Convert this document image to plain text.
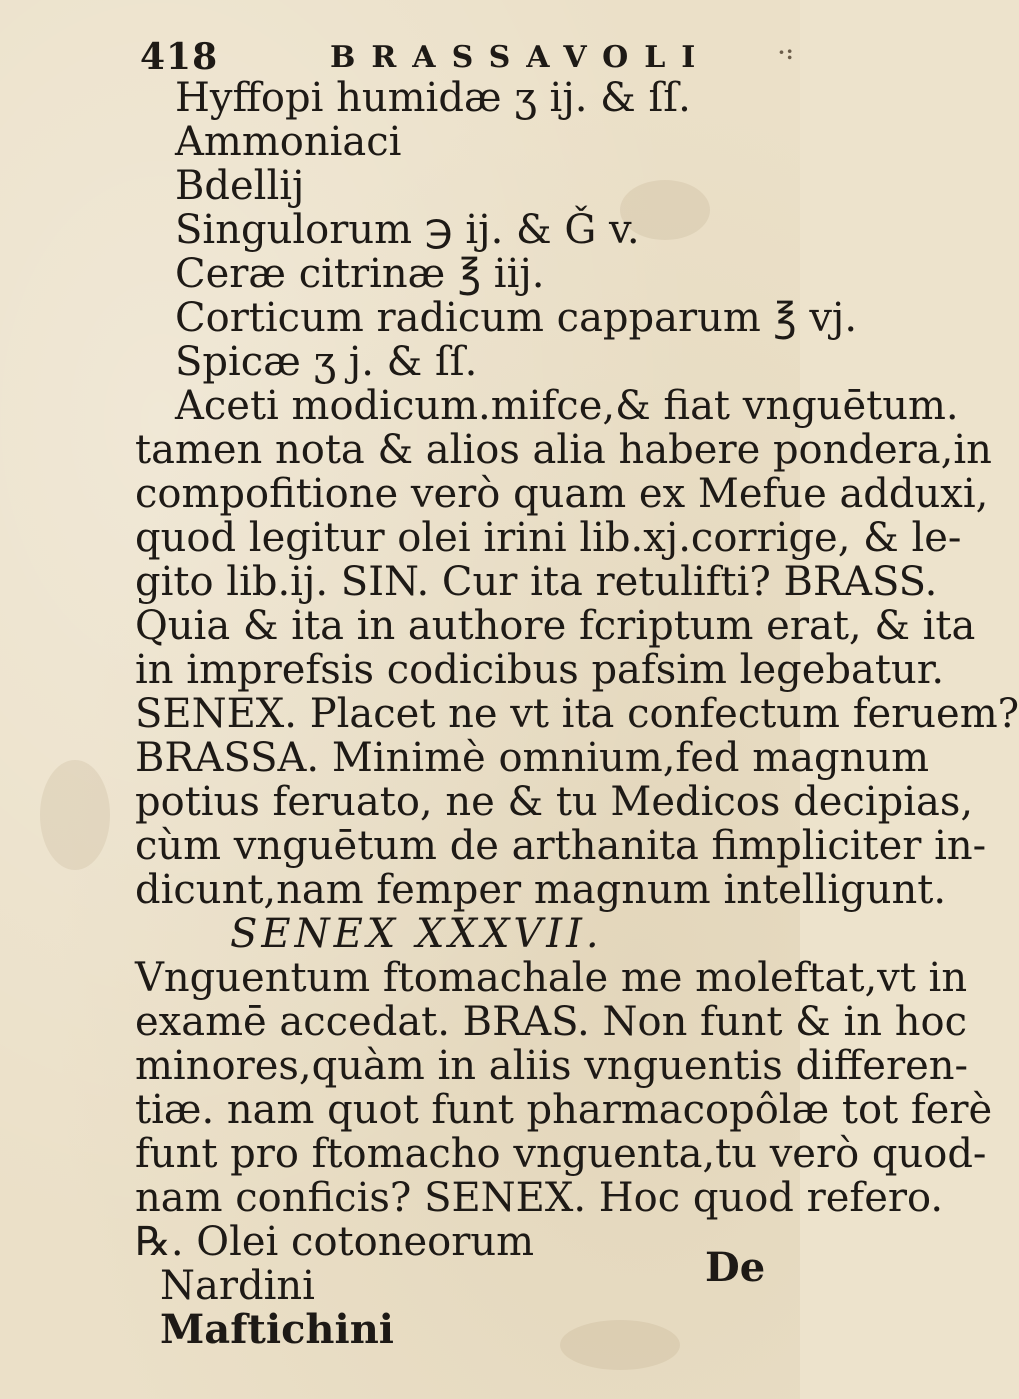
418	BRASSAVOLI	·:
Hyffopi humidæ ʒ ij. & ſſ.
Ammoniaci
Bdellij
Singulorum ℈ ij. & Ǧ v.
Ceræ citrinæ ℥ iij.
Corticum radicum capparum ℥ vj.
Spicæ ʒ j. & ſſ.
Aceti modicum.mifce,& fiat vnguētum.
tamen nota & alios alia habere pondera,in
compofitione verò quam ex Mefue adduxi,
quod legitur olei irini lib.xj.corrige, & le-
gito lib.ij. SIN. Cur ita retulifti? BRASS.
Quia & ita in authore fcriptum erat, & ita
in imprefsis codicibus pafsim legebatur.
SENEX. Placet ne vt ita confectum feruem?
BRASSA. Minimè omnium,fed magnum
potius feruato, ne & tu Medicos decipias,
cùm vnguētum de arthanita fimpliciter in-
dicunt,nam femper magnum intelligunt.
SENEX XXXVII.
Vnguentum ftomachale me moleftat,vt in
examē accedat. BRAS. Non funt & in hoc
minores,quàm in aliis vnguentis differen-
tiæ. nam quot funt pharmacopôlæ tot ferè
funt pro ftomacho vnguenta,tu verò quod-
nam conficis? SENEX. Hoc quod refero.
℞. Olei cotoneorum
Nardini
Maftichini
De
